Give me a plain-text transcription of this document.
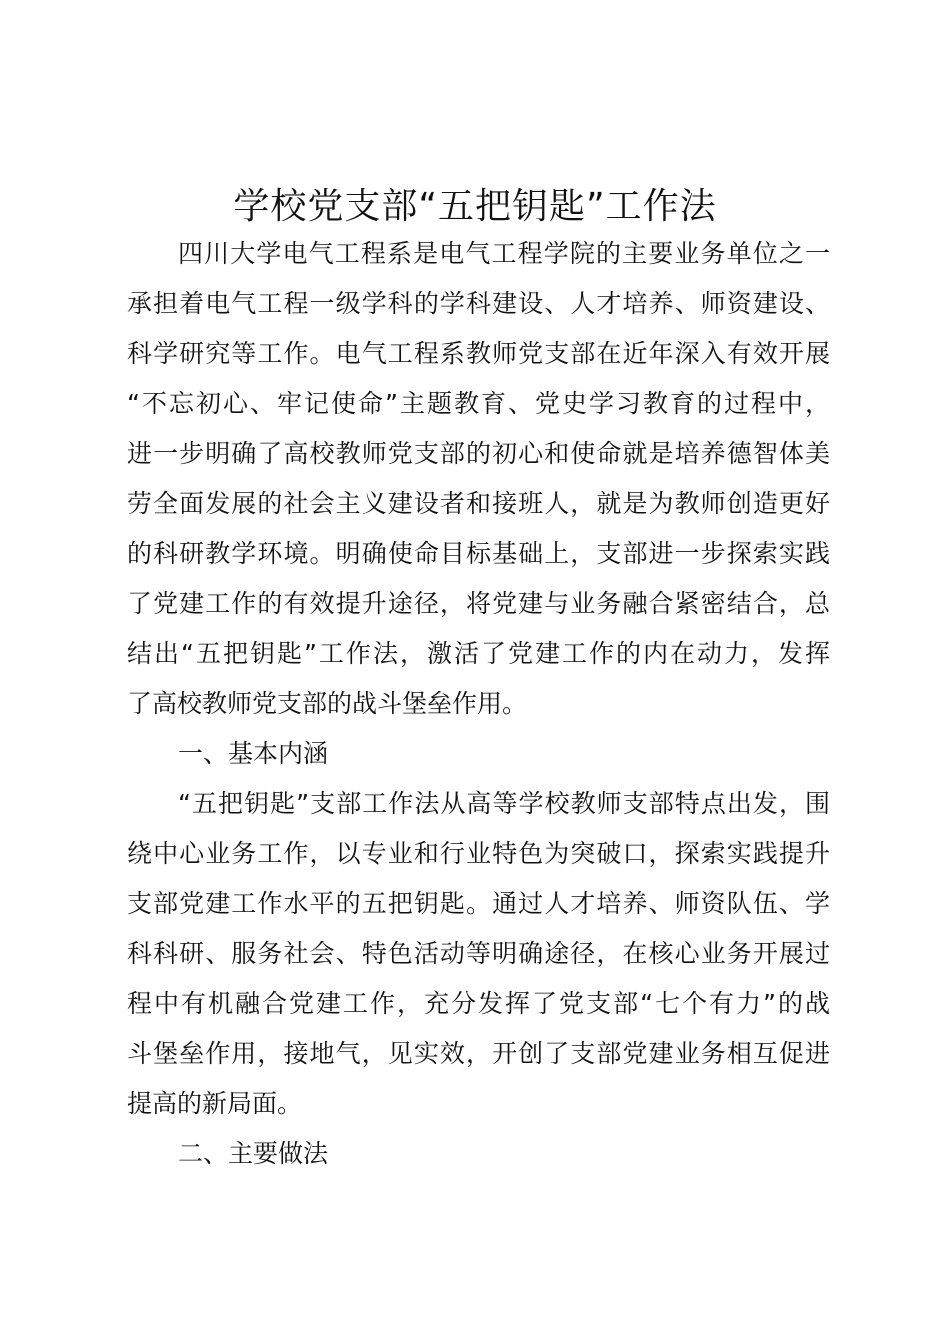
学校党支部“五把钥匙”工作法
四川大学电气工程系是电气工程学院的主要业务单位之一
承担着电气工程一级学科的学科建设、人才培养、师资建设、
科学研究等工作。电气工程系教师党支部在近年深入有效开展
“不忘初心、牢记使命”主题教育、党史学习教育的过程中，
进一步明确了高校教师党支部的初心和使命就是培养德智体美
劳全面发展的社会主义建设者和接班人，就是为教师创造更好
的科研教学环境。明确使命目标基础上，支部进一步探索实践
了党建工作的有效提升途径，将党建与业务融合紧密结合，总
结出“五把钥匙”工作法，激活了党建工作的内在动力，发挥
了高校教师党支部的战斗堡垒作用。
一、基本内涵
“五把钥匙”支部工作法从高等学校教师支部特点出发，围
绕中心业务工作，以专业和行业特色为突破口，探索实践提升
支部党建工作水平的五把钥匙。通过人才培养、师资队伍、学
科科研、服务社会、特色活动等明确途径，在核心业务开展过
程中有机融合党建工作，充分发挥了党支部“七个有力”的战
斗堡垒作用，接地气，见实效，开创了支部党建业务相互促进
提高的新局面。
二、主要做法
